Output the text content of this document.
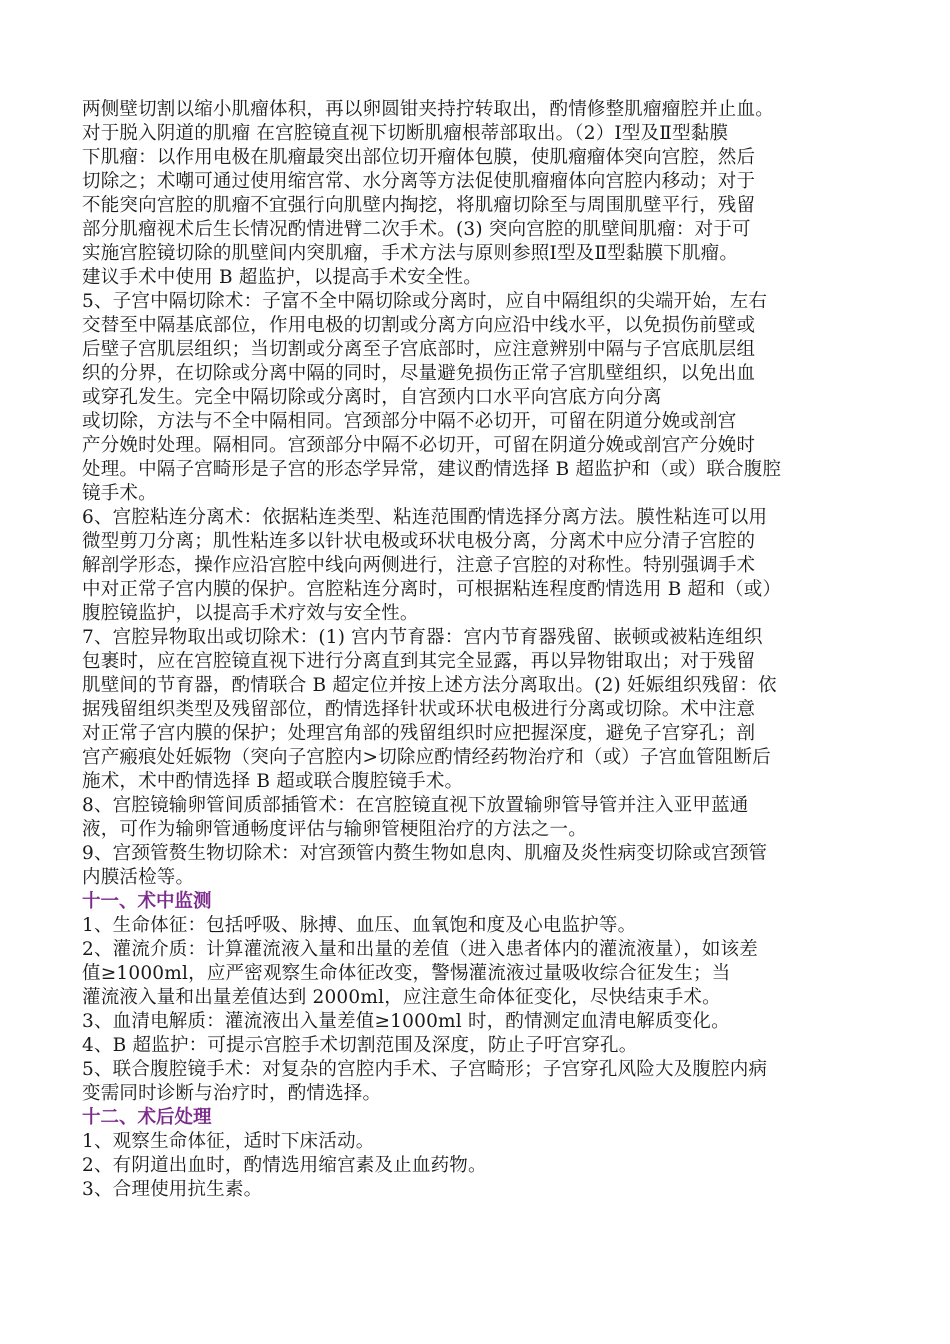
两侧壁切割以缩小肌瘤体积，再以卵圆钳夹持拧转取出，酌情修整肌瘤瘤腔并止血。
对于脱入阴道的肌瘤 在宫腔镜直视下切断肌瘤根蒂部取出。（2）Ⅰ型及Ⅱ型黏膜
下肌瘤：以作用电极在肌瘤最突出部位切开瘤体包膜，使肌瘤瘤体突向宫腔，然后
切除之；术嘲可通过使用缩宫常、水分离等方法促使肌瘤瘤体向宫腔内移动；对于
不能突向宫腔的肌瘤不宜强行向肌壁内掏挖，将肌瘤切除至与周围肌壁平行，残留
部分肌瘤视术后生长情况酌情进臂二次手术。(3) 突向宫腔的肌壁间肌瘤：对于可
实施宫腔镜切除的肌壁间内突肌瘤，手术方法与原则参照Ⅰ型及Ⅱ型黏膜下肌瘤。
建议手术中使用 B 超监护，以提高手术安全性。
5、子宫中隔切除术：子富不全中隔切除或分离时，应自中隔组织的尖端开始，左右
交替至中隔基底部位，作用电极的切割或分离方向应沿中线水平，以免损伤前壁或
后壁子宫肌层组织；当切割或分离至子宫底部时，应注意辨别中隔与子宫底肌层组
织的分界，在切除或分离中隔的同时，尽量避免损伤正常子宫肌壁组织，以免出血
或穿孔发生。完全中隔切除或分离时，自宫颈内口水平向宫底方向分离
或切除，方法与不全中隔相同。宫颈部分中隔不必切开，可留在阴道分娩或剖宫
产分娩时处理。隔相同。宫颈部分中隔不必切开，可留在阴道分娩或剖宫产分娩时
处理。中隔子宫畸形是子宫的形态学异常，建议酌情选择 B 超监护和（或）联合腹腔
镜手术。
6、宫腔粘连分离术：依据粘连类型、粘连范围酌情选择分离方法。膜性粘连可以用
微型剪刀分离；肌性粘连多以针状电极或环状电极分离，分离术中应分清子宫腔的
解剖学形态，操作应沿宫腔中线向两侧进行，注意子宫腔的对称性。特别强调手术
中对正常子宫内膜的保护。宫腔粘连分离时，可根据粘连程度酌情选用 B 超和（或）
腹腔镜监护，以提高手术疗效与安全性。
7、宫腔异物取出或切除术：(1) 宫内节育器：宫内节育器残留、嵌顿或被粘连组织
包裹时，应在宫腔镜直视下进行分离直到其完全显露，再以异物钳取出；对于残留
肌壁间的节育器，酌情联合 B 超定位并按上述方法分离取出。(2) 妊娠组织残留：依
据残留组织类型及残留部位，酌情选择针状或环状电极进行分离或切除。术中注意
对正常子宫内膜的保护；处理宫角部的残留组织时应把握深度，避免子宫穿孔；剖
宫产瘢痕处妊娠物（突向子宫腔内>切除应酌情经药物治疗和（或）子宫血管阻断后
施术，术中酌情选择 B 超或联合腹腔镜手术。
8、宫腔镜输卵管间质部插管术：在宫腔镜直视下放置输卵管导管并注入亚甲蓝通
液，可作为输卵管通畅度评估与输卵管梗阻治疗的方法之一。
9、宫颈管赘生物切除术：对宫颈管内赘生物如息肉、肌瘤及炎性病变切除或宫颈管
内膜活检等。
十一、术中监测
1、生命体征：包括呼吸、脉搏、血压、血氧饱和度及心电监护等。
2、灌流介质：计算灌流液入量和出量的差值（进入患者体内的灌流液量），如该差
值≥1000ml，应严密观察生命体征改变，警惕灌流液过量吸收综合征发生；当
灌流液入量和出量差值达到 2000ml，应注意生命体征变化，尽快结束手术。
3、血清电解质：灌流液出入量差值≥1000ml 时，酌情测定血清电解质变化。
4、B 超监护：可提示宫腔手术切割范围及深度，防止子吁宫穿孔。
5、联合腹腔镜手术：对复杂的宫腔内手术、子宫畸形；子宫穿孔风险大及腹腔内病
变需同时诊断与治疗时，酌情选择。
十二、术后处理
1、观察生命体征，适时下床活动。
2、有阴道出血时，酌情选用缩宫素及止血药物。
3、合理使用抗生素。
